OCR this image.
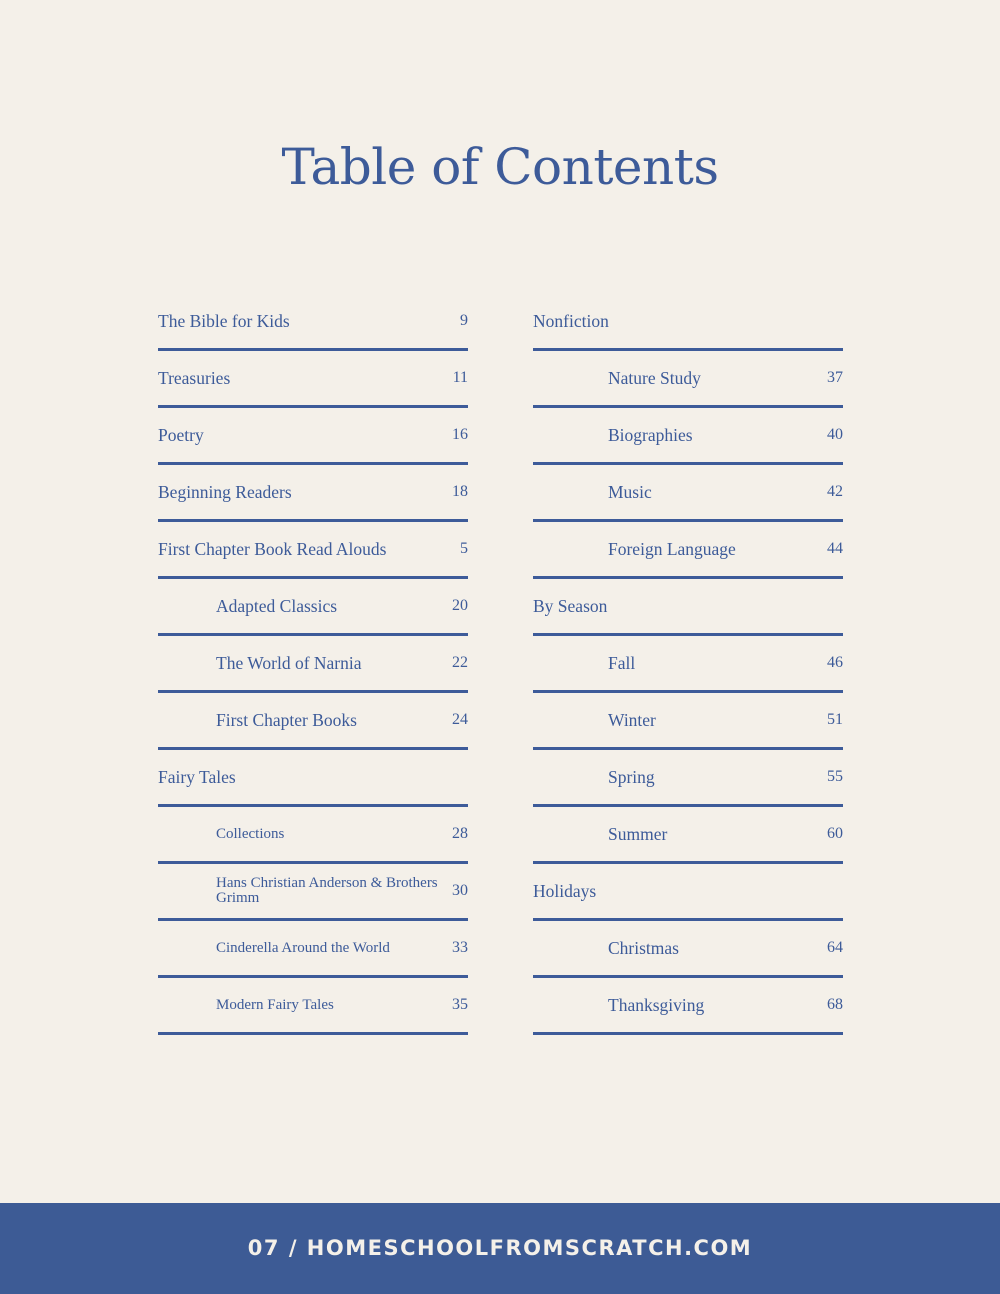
Table of Contents
The Bible for Kids	9
Treasuries	11
Poetry	16
Beginning Readers	18
First Chapter Book Read Alouds	5
Adapted Classics	20
The World of Narnia	22
First Chapter Books	24
Fairy Tales
Collections	28
Hans Christian Anderson & Brothers Grimm	30
Cinderella Around the World	33
Modern Fairy Tales	35
Nonfiction
Nature Study	37
Biographies	40
Music	42
Foreign Language	44
By Season
Fall	46
Winter	51
Spring	55
Summer	60
Holidays
Christmas	64
Thanksgiving	68
07 / HOMESCHOOLFROMSCRATCH.COM
